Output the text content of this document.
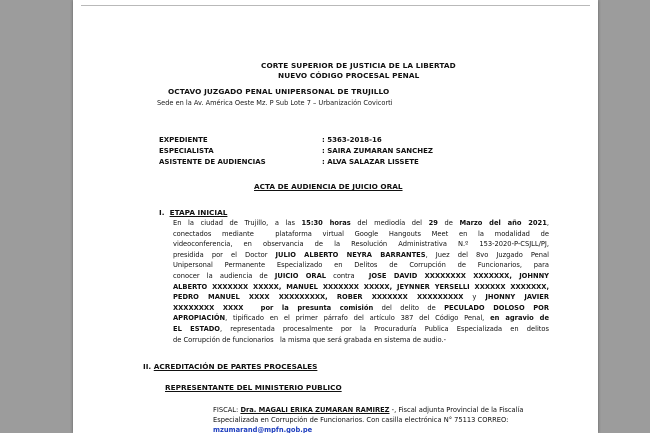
CORTE SUPERIOR DE JUSTICIA DE LA LIBERTAD
NUEVO CÓDIGO PROCESAL PENAL
OCTAVO JUZGADO PENAL UNIPERSONAL DE TRUJILLO
Sede en la Av. América Oeste Mz. P Sub Lote 7 – Urbanización Covicorti
EXPEDIENTE	: 5363-2018-16
ESPECIALISTA	: SAIRA ZUMARAN SANCHEZ
ASISTENTE DE AUDIENCIAS	: ALVA SALAZAR LISSETE
ACTA DE AUDIENCIA DE JUICIO ORAL
I. ETAPA INICIAL
En la ciudad de Trujillo, a las 15:30 horas del mediodía del 29 de Marzo del año 2021,
conectados mediante  plataforma virtual Google Hangouts Meet en la modalidad de
videoconferencia, en observancia de la Resolución Administrativa N.º 153-2020-P-CSJLL/PJ,
presidida por el Doctor JULIO ALBERTO NEYRA BARRANTES, Juez del 8vo Juzgado Penal
Unipersonal Permanente Especializado en Delitos de Corrupción de Funcionarios, para
conocer la audiencia de JUICIO ORAL contra  JOSE DAVID XXXXXXXX XXXXXXX, JOHNNY
ALBERTO XXXXXXX XXXXX, MANUEL XXXXXXX XXXXX, JEYNNER YERSELLI XXXXXX XXXXXXX,
PEDRO MANUEL XXXX XXXXXXXXX, ROBER XXXXXXX XXXXXXXXX y JHONNY JAVIER
XXXXXXXX XXXX  por la presunta comisión del delito de PECULADO DOLOSO POR
APROPIACIÓN, tipificado en el primer párrafo del artículo 387 del Código Penal, en agravio de
EL ESTADO, representada procesalmente por la Procuraduría Publica Especializada en delitos
de Corrupción de funcionarios   la misma que será grabada en sistema de audio.-
II. ACREDITACIÓN DE PARTES PROCESALES
REPRESENTANTE DEL MINISTERIO PUBLICO
FISCAL: Dra. MAGALI ERIKA ZUMARAN RAMIREZ -, Fiscal adjunta Provincial de la Fiscalía
Especializada en Corrupción de Funcionarios. Con casilla electrónica N° 75113 CORREO:
mzumarand@mpfn.gob.pe
